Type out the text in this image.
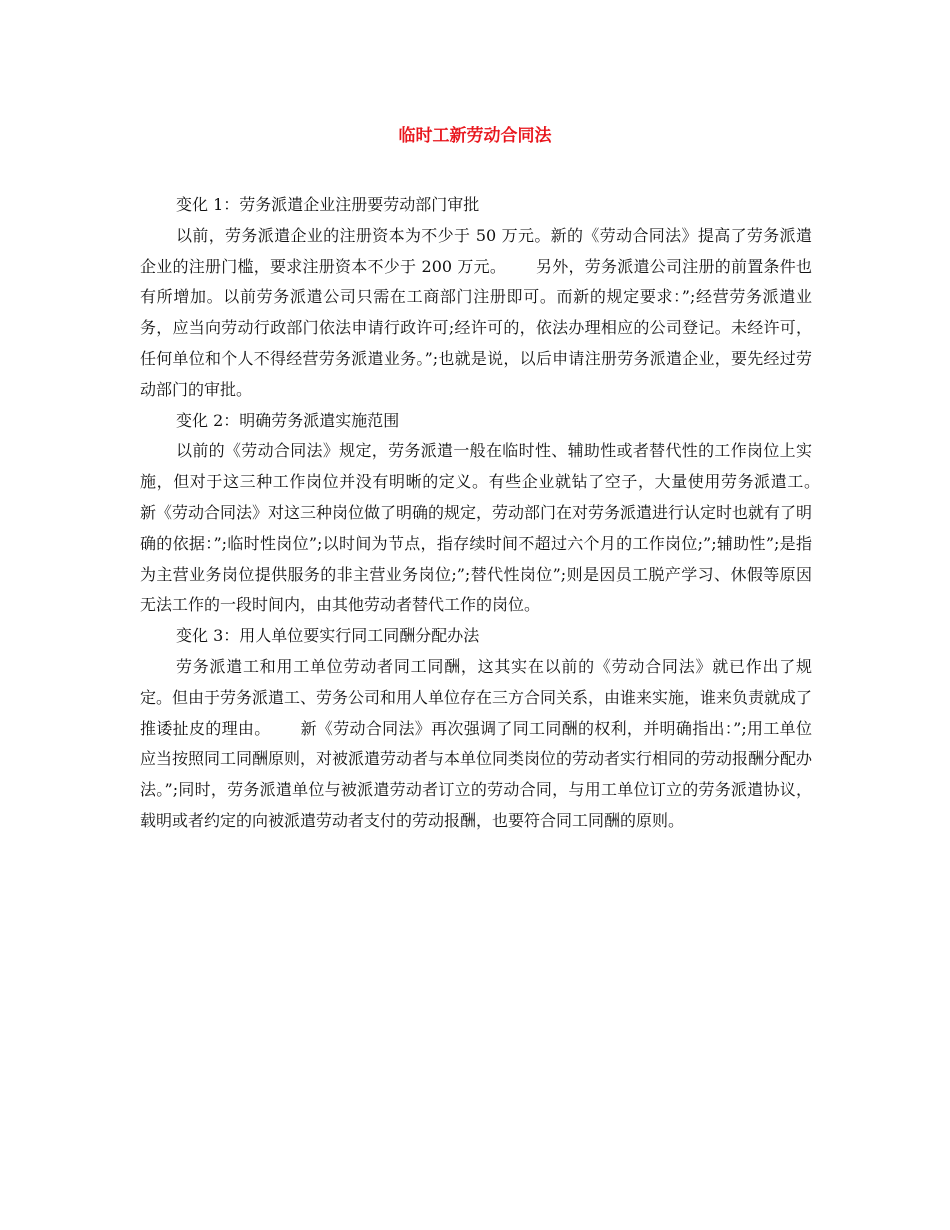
临时工新劳动合同法

变化 1：劳务派遣企业注册要劳动部门审批

以前，劳务派遣企业的注册资本为不少于 50 万元。新的《劳动合同法》提高了劳务派遣企业的注册门槛，要求注册资本不少于 200 万元。　　 另外，劳务派遣公司注册的前置条件也有所增加。以前劳务派遣公司只需在工商部门注册即可。而新的规定要求：”;经营劳务派遣业务，应当向劳动行政部门依法申请行政许可;经许可的，依法办理相应的公司登记。未经许可，任何单位和个人不得经营劳务派遣业务。”;也就是说，以后申请注册劳务派遣企业，要先经过劳动部门的审批。

变化 2：明确劳务派遣实施范围

以前的《劳动合同法》规定，劳务派遣一般在临时性、辅助性或者替代性的工作岗位上实施，但对于这三种工作岗位并没有明晰的定义。有些企业就钻了空子，大量使用劳务派遣工。　　 新《劳动合同法》对这三种岗位做了明确的规定，劳动部门在对劳务派遣进行认定时也就有了明确的依据：”;临时性岗位”;以时间为节点，指存续时间不超过六个月的工作岗位;”;辅助性”;是指为主营业务岗位提供服务的非主营业务岗位;”;替代性岗位”;则是因员工脱产学习、休假等原因无法工作的一段时间内，由其他劳动者替代工作的岗位。

变化 3：用人单位要实行同工同酬分配办法

劳务派遣工和用工单位劳动者同工同酬，这其实在以前的《劳动合同法》就已作出了规定。但由于劳务派遣工、劳务公司和用人单位存在三方合同关系，由谁来实施，谁来负责就成了推诿扯皮的理由。　　 新《劳动合同法》再次强调了同工同酬的权利，并明确指出：”;用工单位应当按照同工同酬原则，对被派遣劳动者与本单位同类岗位的劳动者实行相同的劳动报酬分配办法。”;同时，劳务派遣单位与被派遣劳动者订立的劳动合同，与用工单位订立的劳务派遣协议，载明或者约定的向被派遣劳动者支付的劳动报酬，也要符合同工同酬的原则。
